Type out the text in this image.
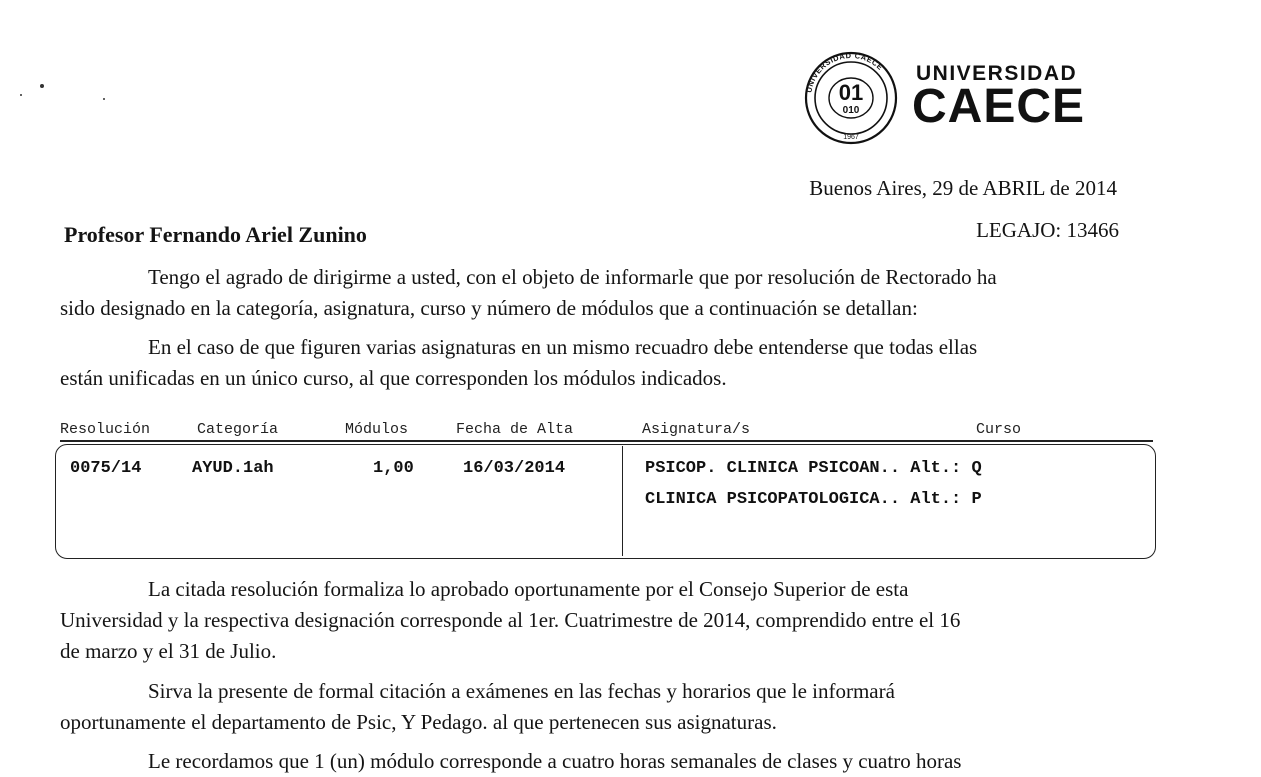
UNIVERSIDAD CAECE
01
010
1967
UNIVERSIDAD
CAECE
Buenos Aires, 29 de ABRIL de 2014
Profesor Fernando Ariel Zunino	LEGAJO: 13466
Tengo el agrado de dirigirme a usted, con el objeto de informarle que por resolución de Rectorado ha
sido designado en la categoría, asignatura, curso y número de módulos que a continuación se detallan:
En el caso de que figuren varias asignaturas en un mismo recuadro debe entenderse que todas ellas
están unificadas en un único curso, al que corresponden los módulos indicados.
Resolución	Categoría	Módulos	Fecha de Alta	Asignatura/s	Curso
0075/14	AYUD.1ah	1,00	16/03/2014	PSICOP. CLINICA PSICOAN.. Alt.: Q
CLINICA PSICOPATOLOGICA.. Alt.: P
La citada resolución formaliza lo aprobado oportunamente por el Consejo Superior de esta
Universidad y la respectiva designación corresponde al 1er. Cuatrimestre de 2014, comprendido entre el 16
de marzo y el 31 de Julio.
Sirva la presente de formal citación a exámenes en las fechas y horarios que le informará
oportunamente el departamento de Psic, Y Pedago. al que pertenecen sus asignaturas.
Le recordamos que 1 (un) módulo corresponde a cuatro horas semanales de clases y cuatro horas
